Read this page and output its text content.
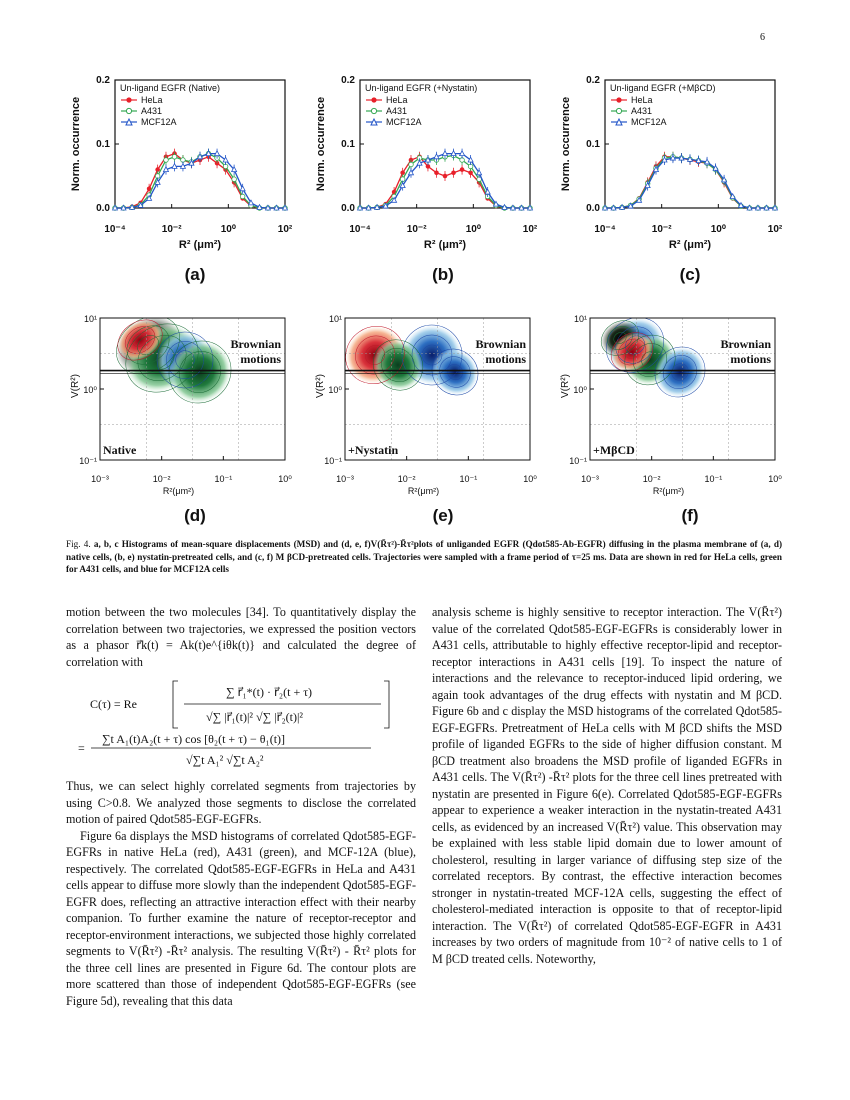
6
0.0
0.1
0.2
10⁻⁴	10⁻²	10⁰	10²
R² (μm²)
Norm. occurrence
Un-ligand EGFR (Native)
HeLa
A431
MCF12A
0.0
0.1
0.2
10⁻⁴	10⁻²	10⁰	10²
R² (μm²)
Norm. occurrence
Un-ligand EGFR (+Nystatin)
HeLa
A431
MCF12A
0.0
0.1
0.2
10⁻⁴	10⁻²	10⁰	10²
R² (μm²)
Norm. occurrence
Un-ligand EGFR (+MβCD)
HeLa
A431
MCF12A
Brownian
motions
Native
10⁻¹
10⁰
10¹
10⁻³	10⁻²	10⁻¹	10⁰
R²(μm²)
V(R²)
Brownian
motions
+Nystatin
10⁻¹
10⁰
10¹
10⁻³	10⁻²	10⁻¹	10⁰
R²(μm²)
V(R²)
Brownian
motions
+MβCD
10⁻¹
10⁰
10¹
10⁻³	10⁻²	10⁻¹	10⁰
R²(μm²)
V(R²)
(a)	(b)	(c)
(d)	(e)	(f)
Fig. 4. a, b, c Histograms of mean-square displacements (MSD) and (d, e, f)V(R̄τ²)-R̄τ²plots of unliganded EGFR (Qdot585-Ab-EGFR) diffusing in the plasma membrane of (a, d) native cells, (b, e) nystatin-pretreated cells, and (c, f) M βCD-pretreated cells. Trajectories were sampled with a frame period of τ=25 ms. Data are shown in red for HeLa cells, green for A431 cells, and blue for MCF12A cells

motion between the two molecules [34]. To quantitatively display the correlation between two trajectories, we expressed the position vectors as a phasor r⃗k(t) = Ak(t)e^{iθk(t)} and calculated the degree of correlation with

C(τ) = Re
∑ r⃗₁*(t) · r⃗₂(t + τ)
√∑ |r⃗₁(t)|² √∑ |r⃗₂(t)|²
=
∑t A₁(t)A₂(t + τ) cos [θ₂(t + τ) − θ₁(t)]
√∑t A₁² √∑t A₂²

Thus, we can select highly correlated segments from trajectories by using C>0.8. We analyzed those segments to disclose the correlated motion of paired Qdot585-EGF-EGFRs.

Figure 6a displays the MSD histograms of correlated Qdot585-EGF-EGFRs in native HeLa (red), A431 (green), and MCF-12A (blue), respectively. The correlated Qdot585-EGF-EGFRs in HeLa and A431 cells appear to diffuse more slowly than the independent Qdot585-EGF-EGFR does, reflecting an attractive interaction effect with their nearby companion. To further examine the nature of receptor-receptor and receptor-environment interactions, we subjected those highly correlated segments to V(R̄τ²) -R̄τ² analysis. The resulting V(R̄τ²) - R̄τ² plots for the three cell lines are presented in Figure 6d. The contour plots are more scattered than those of independent Qdot585-EGF-EGFRs (see Figure 5d), revealing that this data

analysis scheme is highly sensitive to receptor interaction. The V(R̄τ²) value of the correlated Qdot585-EGF-EGFRs is considerably lower in A431 cells, attributable to highly effective receptor-lipid and receptor-receptor interactions in A431 cells [19]. To inspect the nature of interactions and the relevance to receptor-induced lipid ordering, we again took advantages of the drug effects with nystatin and M βCD. Figure 6b and c display the MSD histograms of the correlated Qdot585-EGF-EGFRs. Pretreatment of HeLa cells with M βCD shifts the MSD profile of liganded EGFRs to the side of higher diffusion constant. M βCD treatment also broadens the MSD profile of liganded EGFRs in A431 cells. The V(R̄τ²) -R̄τ² plots for the three cell lines pretreated with nystatin are presented in Figure 6(e). Correlated Qdot585-EGF-EGFRs appear to experience a weaker interaction in the nystatin-treated A431 cells, as evidenced by an increased V(R̄τ²) value. This observation may be explained with less stable lipid domain due to lower amount of cholesterol, resulting in larger variance of diffusing step size of the correlated receptors. By contrast, the effective interaction becomes stronger in nystatin-treated MCF-12A cells, suggesting the effect of cholesterol-mediated interaction is opposite to that of receptor-lipid interaction. The V(R̄τ²) of correlated Qdot585-EGF-EGFR in A431 increases by two orders of magnitude from 10⁻² of native cells to 1 of M βCD treated cells. Noteworthy,
